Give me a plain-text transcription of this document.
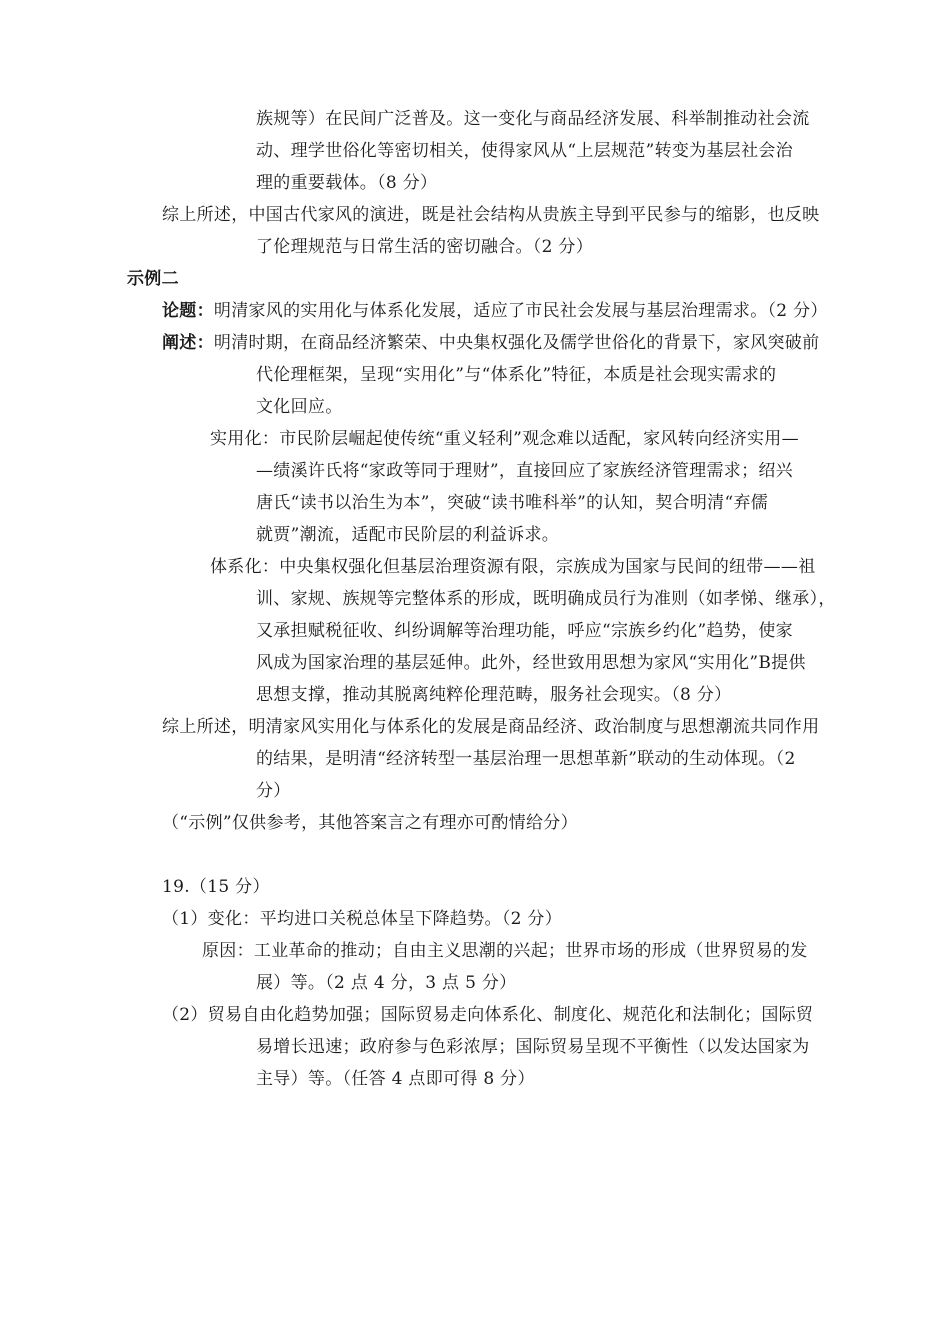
族规等）在民间广泛普及。这一变化与商品经济发展、科举制推动社会流
动、理学世俗化等密切相关，使得家风从“上层规范”转变为基层社会治
理的重要载体。（8 分）
综上所述，中国古代家风的演进，既是社会结构从贵族主导到平民参与的缩影，也反映
了伦理规范与日常生活的密切融合。（2 分）
示例二
论题：明清家风的实用化与体系化发展，适应了市民社会发展与基层治理需求。（2 分）
阐述：明清时期，在商品经济繁荣、中央集权强化及儒学世俗化的背景下，家风突破前
代伦理框架，呈现“实用化”与“体系化”特征，本质是社会现实需求的
文化回应。
实用化：市民阶层崛起使传统“重义轻利”观念难以适配，家风转向经济实用—
—绩溪许氏将“家政等同于理财”，直接回应了家族经济管理需求；绍兴
唐氏“读书以治生为本”，突破“读书唯科举”的认知，契合明清“弃儒
就贾”潮流，适配市民阶层的利益诉求。
体系化：中央集权强化但基层治理资源有限，宗族成为国家与民间的纽带——祖
训、家规、族规等完整体系的形成，既明确成员行为准则（如孝悌、继承），
又承担赋税征收、纠纷调解等治理功能，呼应“宗族乡约化”趋势，使家
风成为国家治理的基层延伸。此外，经世致用思想为家风“实用化”B提供
思想支撑，推动其脱离纯粹伦理范畴，服务社会现实。（8 分）
综上所述，明清家风实用化与体系化的发展是商品经济、政治制度与思想潮流共同作用
的结果，是明清“经济转型一基层治理一思想革新”联动的生动体现。（2
分）
（“示例”仅供参考，其他答案言之有理亦可酌情给分）
19.（15 分）
（1）变化：平均进口关税总体呈下降趋势。（2 分）
原因：工业革命的推动；自由主义思潮的兴起；世界市场的形成（世界贸易的发
展）等。（2 点 4 分，3 点 5 分）
（2）贸易自由化趋势加强；国际贸易走向体系化、制度化、规范化和法制化；国际贸
易增长迅速；政府参与色彩浓厚；国际贸易呈现不平衡性（以发达国家为
主导）等。（任答 4 点即可得 8 分）
